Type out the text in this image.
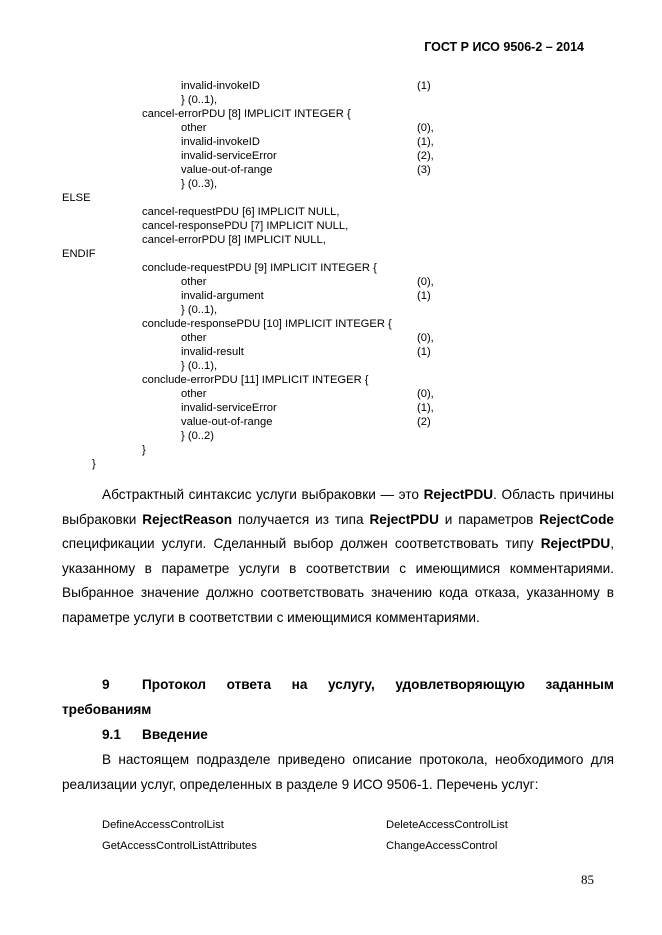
ГОСТ Р ИСО 9506-2 – 2014
invalid-invokeID	(1)
} (0..1),
cancel-errorPDU [8] IMPLICIT INTEGER {
other	(0),
invalid-invokeID	(1),
invalid-serviceError	(2),
value-out-of-range	(3)
} (0..3),
ELSE
cancel-requestPDU [6] IMPLICIT NULL,
cancel-responsePDU [7] IMPLICIT NULL,
cancel-errorPDU [8] IMPLICIT NULL,
ENDIF
conclude-requestPDU [9] IMPLICIT INTEGER {
other	(0),
invalid-argument	(1)
} (0..1),
conclude-responsePDU [10] IMPLICIT INTEGER {
other	(0),
invalid-result	(1)
} (0..1),
conclude-errorPDU [11] IMPLICIT INTEGER {
other	(0),
invalid-serviceError	(1),
value-out-of-range	(2)
} (0..2)
}
}
Абстрактный синтаксис услуги выбраковки — это RejectPDU. Область причины выбраковки RejectReason получается из типа RejectPDU и параметров RejectCode спецификации услуги. Сделанный выбор должен соответствовать типу RejectPDU, указанному в параметре услуги в соответствии с имеющимися комментариями. Выбранное значение должно соответствовать значению кода отказа, указанному в параметре услуги в соответствии с имеющимися комментариями.
9 Протокол ответа на услугу, удовлетворяющую заданным
требованиям
9.1 Введение
В настоящем подразделе приведено описание протокола, необходимого для реализации услуг, определенных в разделе 9 ИСО 9506-1. Перечень услуг:
DefineAccessControlList	DeleteAccessControlList
GetAccessControlListAttributes	ChangeAccessControl
85
